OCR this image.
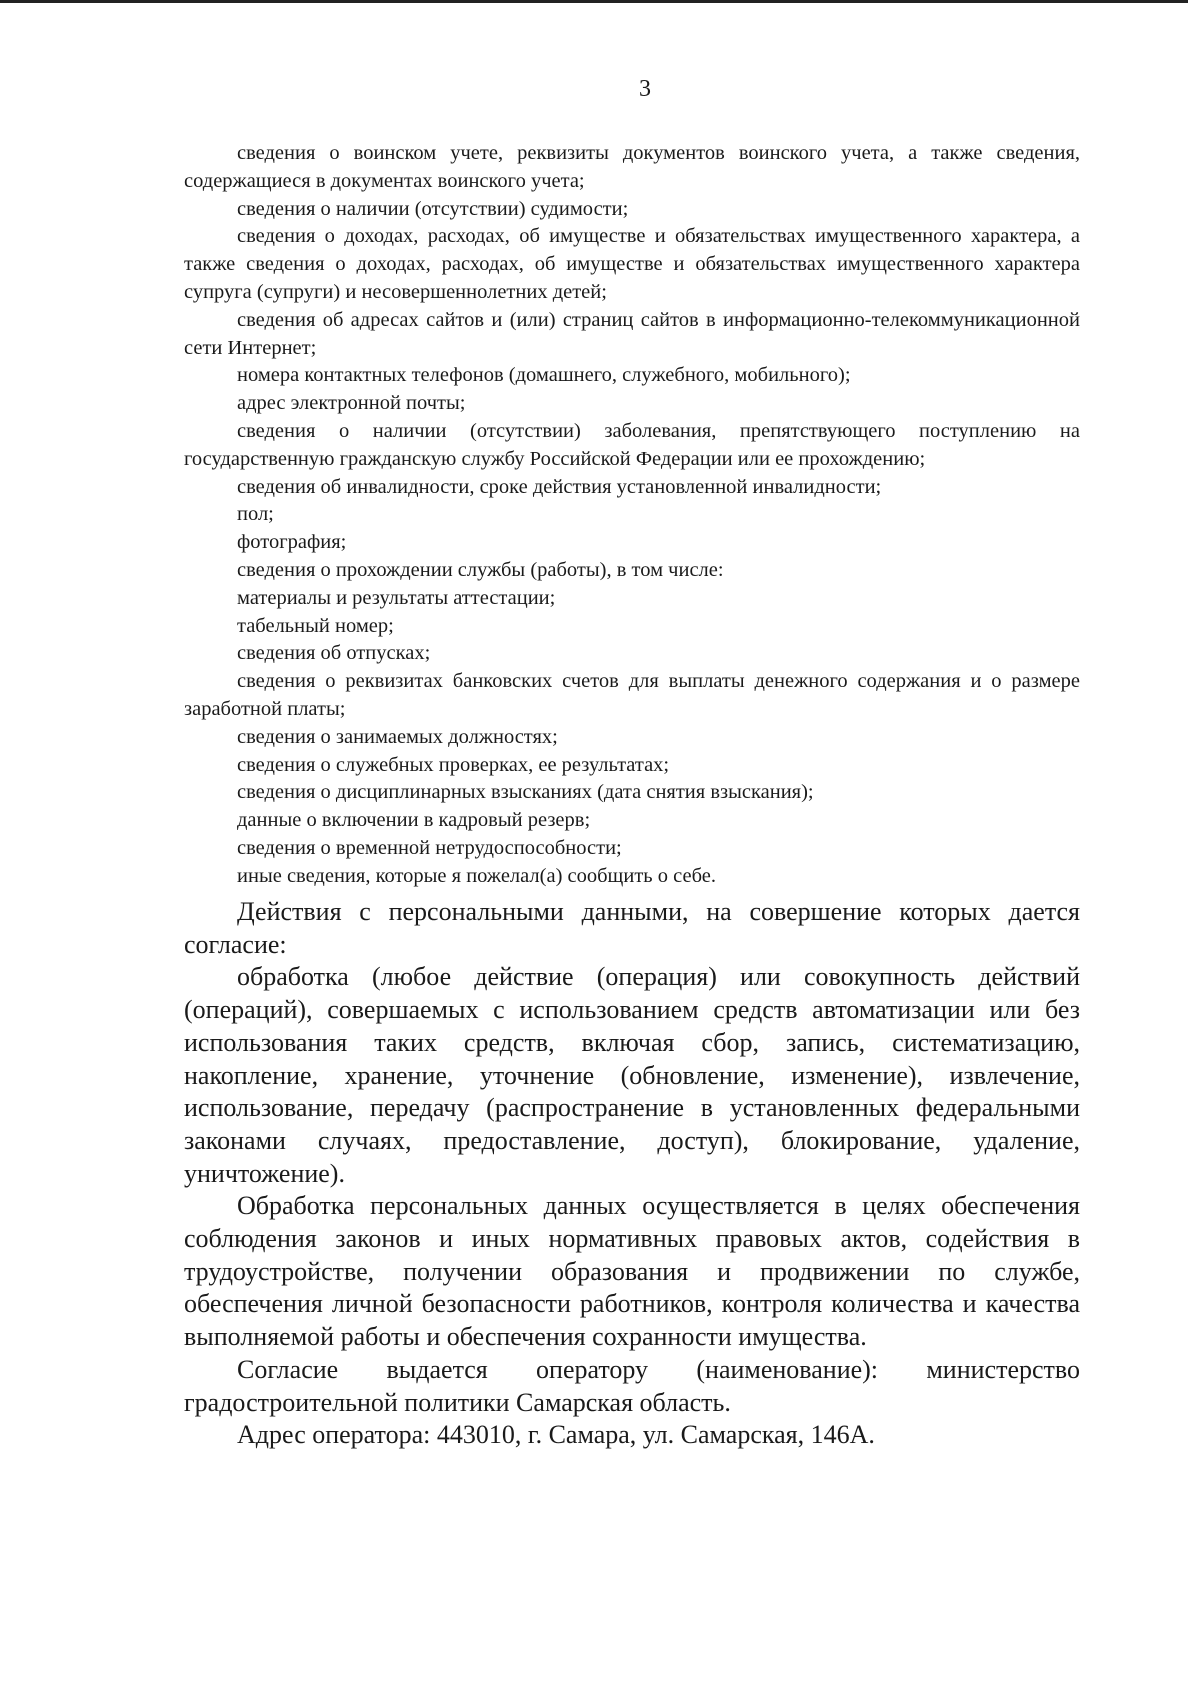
3

сведения о воинском учете, реквизиты документов воинского учета, а также сведения, содержащиеся в документах воинского учета;

сведения о наличии (отсутствии) судимости;

сведения о доходах, расходах, об имуществе и обязательствах имущественного характера, а также сведения о доходах, расходах, об имуществе и обязательствах имущественного характера супруга (супруги) и несовершеннолетних детей;

сведения об адресах сайтов и (или) страниц сайтов в информационно-телекоммуникационной сети Интернет;

номера контактных телефонов (домашнего, служебного, мобильного);

адрес электронной почты;

сведения о наличии (отсутствии) заболевания, препятствующего поступлению на государственную гражданскую службу Российской Федерации или ее прохождению;

сведения об инвалидности, сроке действия установленной инвалидности;

пол;

фотография;

сведения о прохождении службы (работы), в том числе:

материалы и результаты аттестации;

табельный номер;

сведения об отпусках;

сведения о реквизитах банковских счетов для выплаты денежного содержания и о размере заработной платы;

сведения о занимаемых должностях;

сведения о служебных проверках, ее результатах;

сведения о дисциплинарных взысканиях (дата снятия взыскания);

данные о включении в кадровый резерв;

сведения о временной нетрудоспособности;

иные сведения, которые я пожелал(а) сообщить о себе.

Действия с персональными данными, на совершение которых дается согласие:

обработка (любое действие (операция) или совокупность действий (операций), совершаемых с использованием средств автоматизации или без использования таких средств, включая сбор, запись, систематизацию, накопление, хранение, уточнение (обновление, изменение), извлечение, использование, передачу (распространение в установленных федеральными законами случаях, предоставление, доступ), блокирование, удаление, уничтожение).

Обработка персональных данных осуществляется в целях обеспечения соблюдения законов и иных нормативных правовых актов, содействия в трудоустройстве, получении образования и продвижении по службе, обеспечения личной безопасности работников, контроля количества и качества выполняемой работы и обеспечения сохранности имущества.

Согласие выдается оператору (наименование): министерство градостроительной политики Самарская область.

Адрес оператора: 443010, г. Самара, ул. Самарская, 146А.
